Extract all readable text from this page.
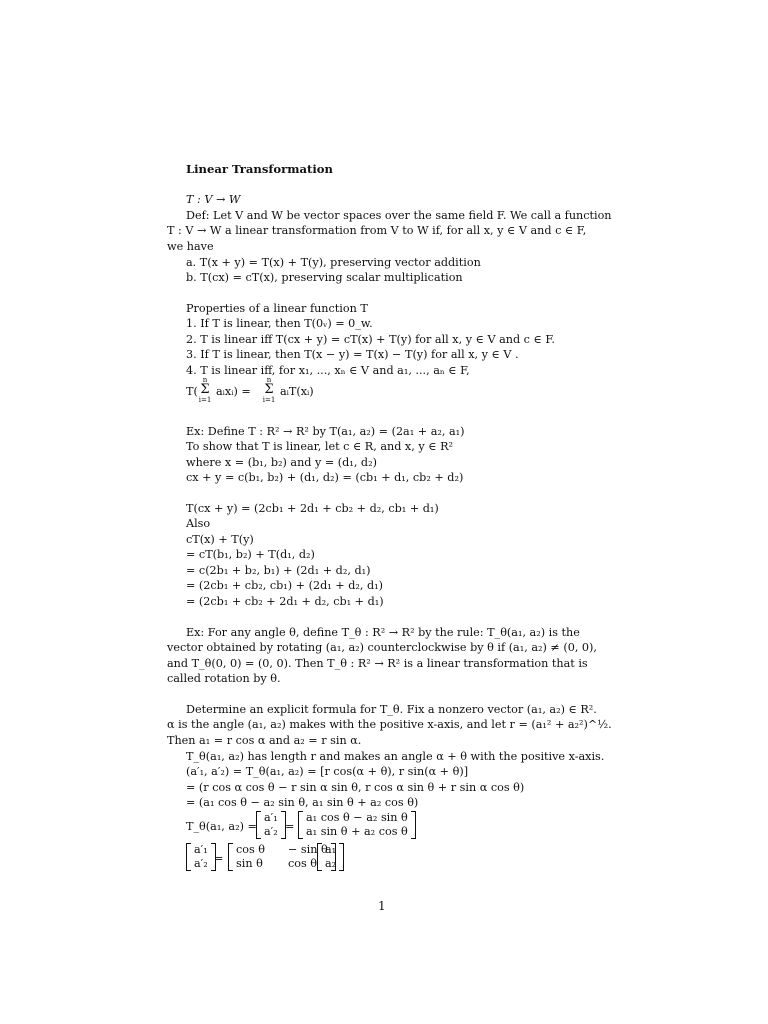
Linear Transformation
T : V → W
Def: Let V and W be vector spaces over the same field F. We call a function
T : V → W a linear transformation from V to W if, for all x, y ∈ V and c ∈ F,
we have
a. T(x + y) = T(x) + T(y), preserving vector addition
b. T(cx) = cT(x), preserving scalar multiplication
Properties of a linear function T
1. If T is linear, then T(0ᵥ) = 0_w.
2. T is linear iff T(cx + y) = cT(x) + T(y) for all x, y ∈ V and c ∈ F.
3. If T is linear, then T(x − y) = T(x) − T(y) for all x, y ∈ V .
4. T is linear iff, for x₁, ..., xₙ ∈ V and a₁, ..., aₙ ∈ F,
T(
n
Σ
i=1
aᵢxᵢ) =
n
Σ
i=1
aᵢT(xᵢ)
Ex: Define T : R² → R² by T(a₁, a₂) = (2a₁ + a₂, a₁)
To show that T is linear, let c ∈ R, and x, y ∈ R²
where x = (b₁, b₂) and y = (d₁, d₂)
cx + y = c(b₁, b₂) + (d₁, d₂) = (cb₁ + d₁, cb₂ + d₂)
T(cx + y) = (2cb₁ + 2d₁ + cb₂ + d₂, cb₁ + d₁)
Also
cT(x) + T(y)
= cT(b₁, b₂) + T(d₁, d₂)
= c(2b₁ + b₂, b₁) + (2d₁ + d₂, d₁)
= (2cb₁ + cb₂, cb₁) + (2d₁ + d₂, d₁)
= (2cb₁ + cb₂ + 2d₁ + d₂, cb₁ + d₁)
Ex: For any angle θ, define T_θ : R² → R² by the rule: T_θ(a₁, a₂) is the
vector obtained by rotating (a₁, a₂) counterclockwise by θ if (a₁, a₂) ≠ (0, 0),
and T_θ(0, 0) = (0, 0). Then T_θ : R² → R² is a linear transformation that is
called rotation by θ.
Determine an explicit formula for T_θ. Fix a nonzero vector (a₁, a₂) ∈ R².
α is the angle (a₁, a₂) makes with the positive x-axis, and let r = (a₁² + a₂²)^½.
Then a₁ = r cos α and a₂ = r sin α.
T_θ(a₁, a₂) has length r and makes an angle α + θ with the positive x-axis.
(a′₁, a′₂) = T_θ(a₁, a₂) = [r cos(α + θ), r sin(α + θ)]
= (r cos α cos θ − r sin α sin θ, r cos α sin θ + r sin α cos θ)
= (a₁ cos θ − a₂ sin θ, a₁ sin θ + a₂ cos θ)
T_θ(a₁, a₂) =
a′₁
a′₂ =
a₁ cos θ − a₂ sin θ
a₁ sin θ + a₂ cos θ
a′₁
a′₂ =
cos θ	− sin θ
sin θ	cos θ
a₁
a₂
1
